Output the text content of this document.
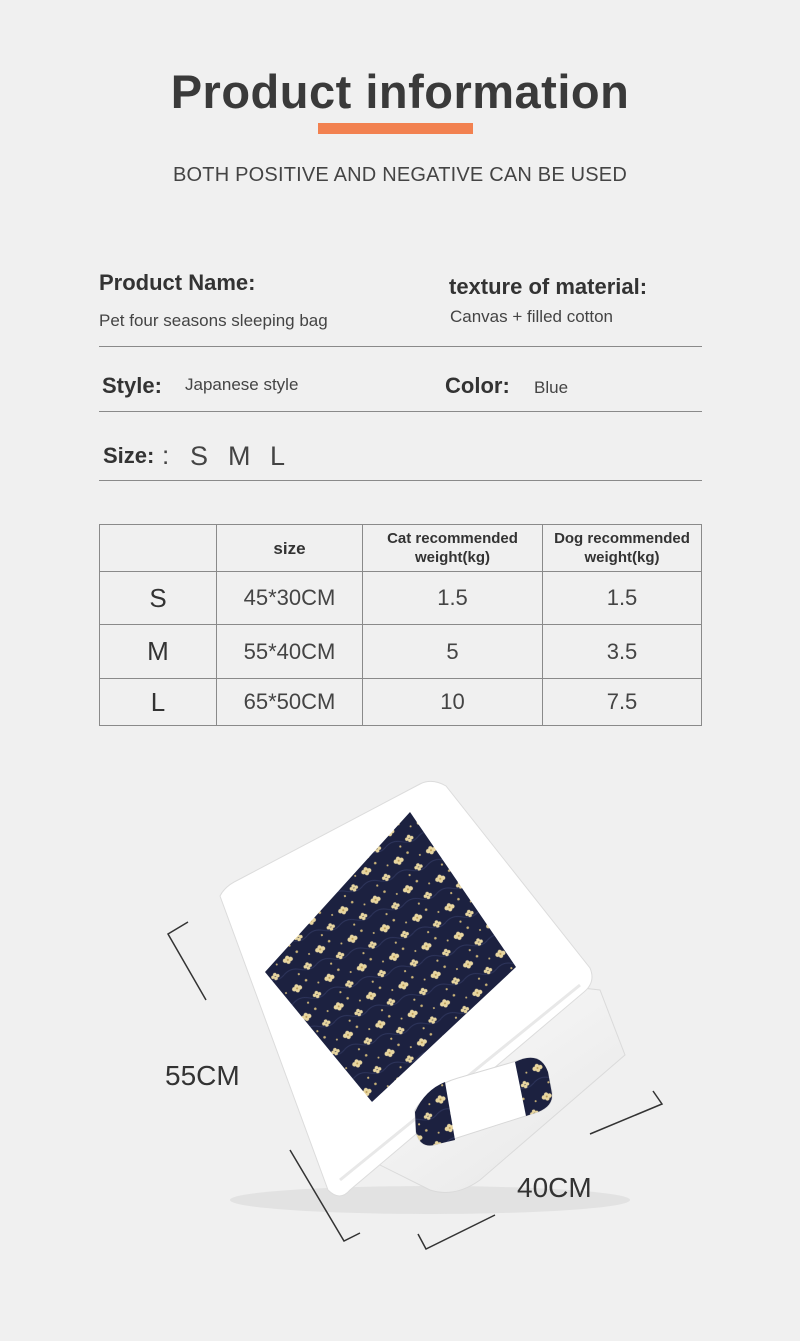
Product information
BOTH POSITIVE AND NEGATIVE CAN BE USED
Product Name:
Pet four seasons sleeping bag
texture of material:
Canvas + filled cotton
Style: Japanese style	Color: Blue
Size: : S M L
	size	Cat recommended weight(kg)	Dog recommended weight(kg)
S	45*30CM	1.5	1.5
M	55*40CM	5	3.5
L	65*50CM	10	7.5
55CM
40CM
